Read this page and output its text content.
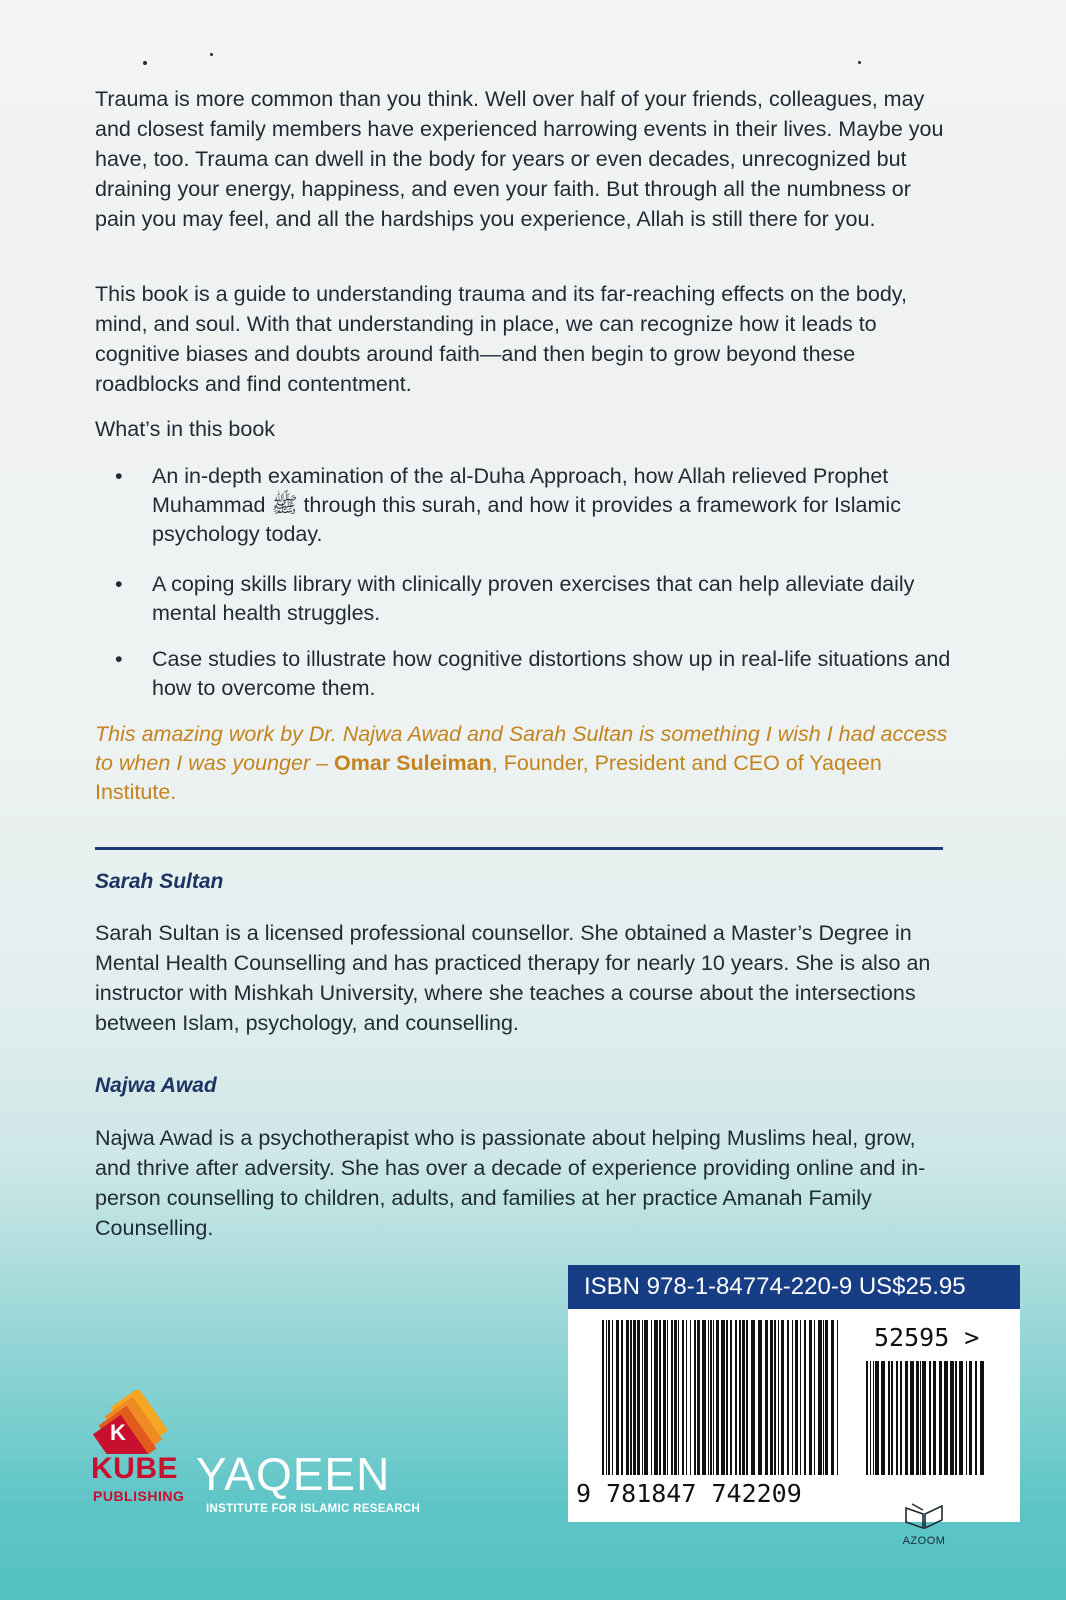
Trauma is more common than you think. Well over half of your friends, colleagues, may and closest family members have experienced harrowing events in their lives. Maybe you have, too. Trauma can dwell in the body for years or even decades, unrecognized but draining your energy, happiness, and even your faith. But through all the numbness or pain you may feel, and all the hardships you experience, Allah is still there for you.

This book is a guide to understanding trauma and its far-reaching effects on the body, mind, and soul. With that understanding in place, we can recognize how it leads to cognitive biases and doubts around faith—and then begin to grow beyond these roadblocks and find contentment.

What’s in this book
• An in-depth examination of the al-Duha Approach, how Allah relieved Prophet Muhammad ﷺ through this surah, and how it provides a framework for Islamic psychology today.
• A coping skills library with clinically proven exercises that can help alleviate daily mental health struggles.
• Case studies to illustrate how cognitive distortions show up in real-life situations and how to overcome them.
This amazing work by Dr. Najwa Awad and Sarah Sultan is something I wish I had access to when I was younger – Omar Suleiman, Founder, President and CEO of Yaqeen Institute.
Sarah Sultan
Sarah Sultan is a licensed professional counsellor. She obtained a Master’s Degree in Mental Health Counselling and has practiced therapy for nearly 10 years. She is also an instructor with Mishkah University, where she teaches a course about the intersections between Islam, psychology, and counselling.
Najwa Awad
Najwa Awad is a psychotherapist who is passionate about helping Muslims heal, grow, and thrive after adversity. She has over a decade of experience providing online and in-person counselling to children, adults, and families at her practice Amanah Family Counselling.
ISBN 978-1-84774-220-9 US$25.95
52595 >
9 781847 742209
AZOOM
K
KUBE
PUBLISHING YAQEEN
INSTITUTE FOR ISLAMIC RESEARCH
